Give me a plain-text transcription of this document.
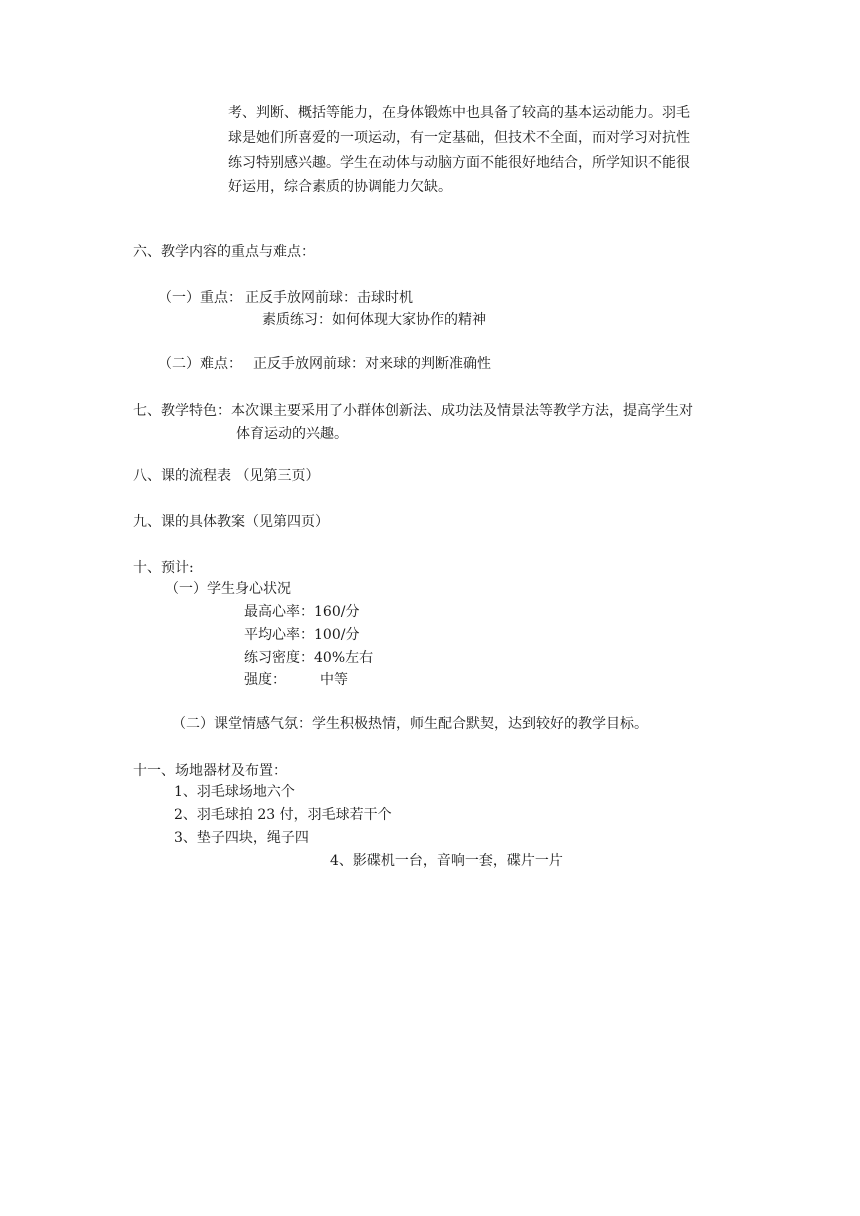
考、判断、概括等能力，在身体锻炼中也具备了较高的基本运动能力。羽毛
球是她们所喜爱的一项运动，有一定基础，但技术不全面，而对学习对抗性
练习特别感兴趣。学生在动体与动脑方面不能很好地结合，所学知识不能很
好运用，综合素质的协调能力欠缺。
六、教学内容的重点与难点：
（一）重点： 正反手放网前球：击球时机
素质练习：如何体现大家协作的精神
（二）难点： 正反手放网前球：对来球的判断准确性
七、教学特色：本次课主要采用了小群体创新法、成功法及情景法等教学方法，提高学生对
体育运动的兴趣。
八、课的流程表 （见第三页）
九、课的具体教案（见第四页）
十、预计:
（一）学生身心状况
最高心率： 160/分
平均心率： 100/分
练习密度： 40%左右
强度： 中等
（二）课堂情感气氛：学生积极热情，师生配合默契，达到较好的教学目标。
十一、场地器材及布置：
1、羽毛球场地六个
2、羽毛球拍 23 付，羽毛球若干个
3、垫子四块，绳子四
4、影碟机一台，音响一套，碟片一片
